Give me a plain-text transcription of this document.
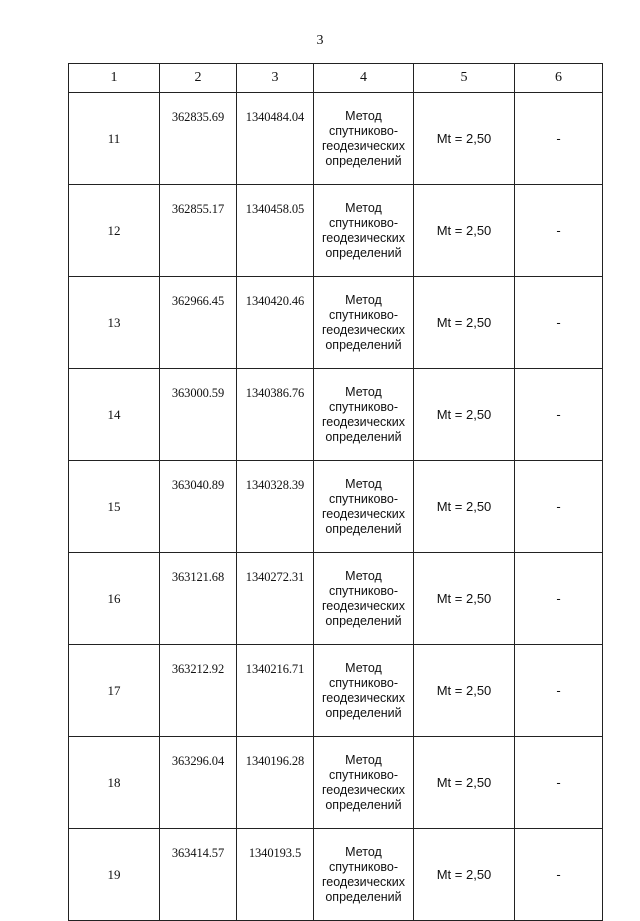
3
1	2	3	4	5	6
11	362835.69	1340484.04	Метод
спутниково-
геодезических
определений	Mt = 2,50	-
12	362855.17	1340458.05	Метод
спутниково-
геодезических
определений	Mt = 2,50	-
13	362966.45	1340420.46	Метод
спутниково-
геодезических
определений	Mt = 2,50	-
14	363000.59	1340386.76	Метод
спутниково-
геодезических
определений	Mt = 2,50	-
15	363040.89	1340328.39	Метод
спутниково-
геодезических
определений	Mt = 2,50	-
16	363121.68	1340272.31	Метод
спутниково-
геодезических
определений	Mt = 2,50	-
17	363212.92	1340216.71	Метод
спутниково-
геодезических
определений	Mt = 2,50	-
18	363296.04	1340196.28	Метод
спутниково-
геодезических
определений	Mt = 2,50	-
19	363414.57	1340193.5	Метод
спутниково-
геодезических
определений	Mt = 2,50	-
